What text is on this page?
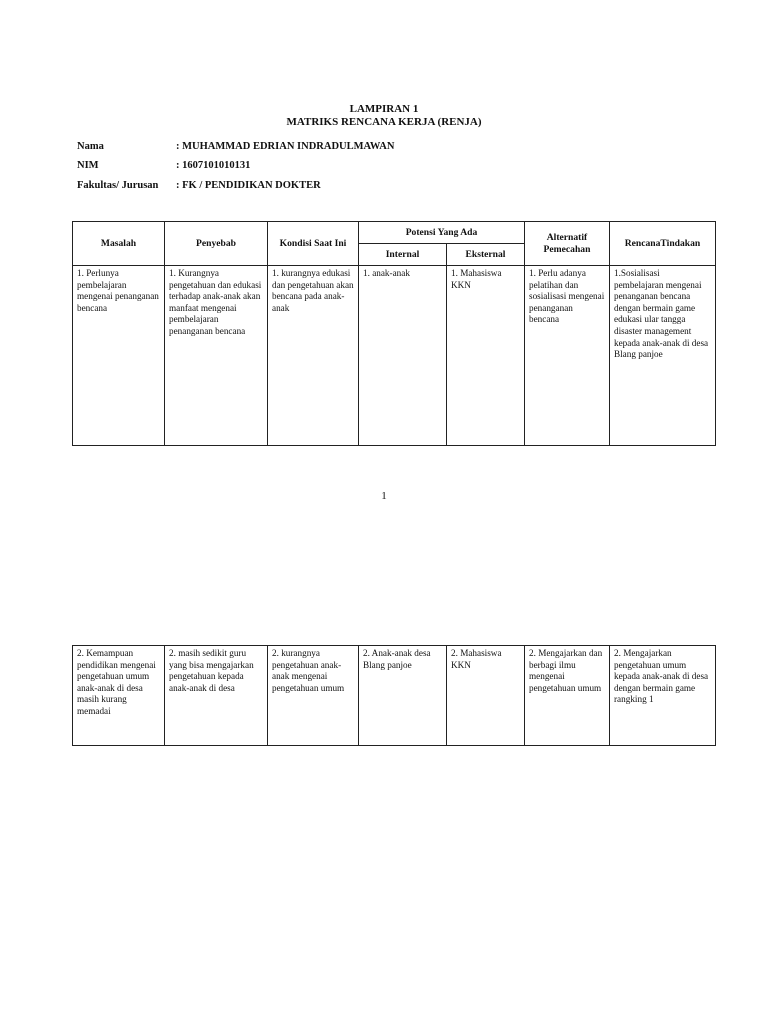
LAMPIRAN 1
MATRIKS RENCANA KERJA (RENJA)
Nama	: MUHAMMAD EDRIAN INDRADULMAWAN
NIM	: 1607101010131
Fakultas/ Jurusan : FK / PENDIDIKAN DOKTER
Masalah	Penyebab	Kondisi Saat Ini	Potensi Yang Ada		Alternatif Pemecahan	RencanaTindakan
			Internal	Eksternal		
1. Perlunya pembelajaran mengenai penanganan bencana	1. Kurangnya pengetahuan dan edukasi terhadap anak-anak akan manfaat mengenai pembelajaran penanganan bencana	1. kurangnya edukasi dan pengetahuan akan bencana pada anak-anak	1. anak-anak	1. Mahasiswa KKN	1. Perlu adanya pelatihan dan sosialisasi mengenai penanganan bencana	1.Sosialisasi pembelajaran mengenai penanganan bencana dengan bermain game edukasi ular tangga disaster management kepada anak-anak di desa Blang panjoe
1
2. Kemampuan pendidikan mengenai pengetahuan umum anak-anak di desa masih kurang memadai	2. masih sedikit guru yang bisa mengajarkan pengetahuan kepada anak-anak di desa	2. kurangnya pengetahuan anak-anak mengenai pengetahuan umum	2. Anak-anak desa Blang panjoe	2. Mahasiswa KKN	2. Mengajarkan dan berbagi ilmu mengenai pengetahuan umum	2. Mengajarkan pengetahuan umum kepada anak-anak di desa dengan bermain game rangking 1
